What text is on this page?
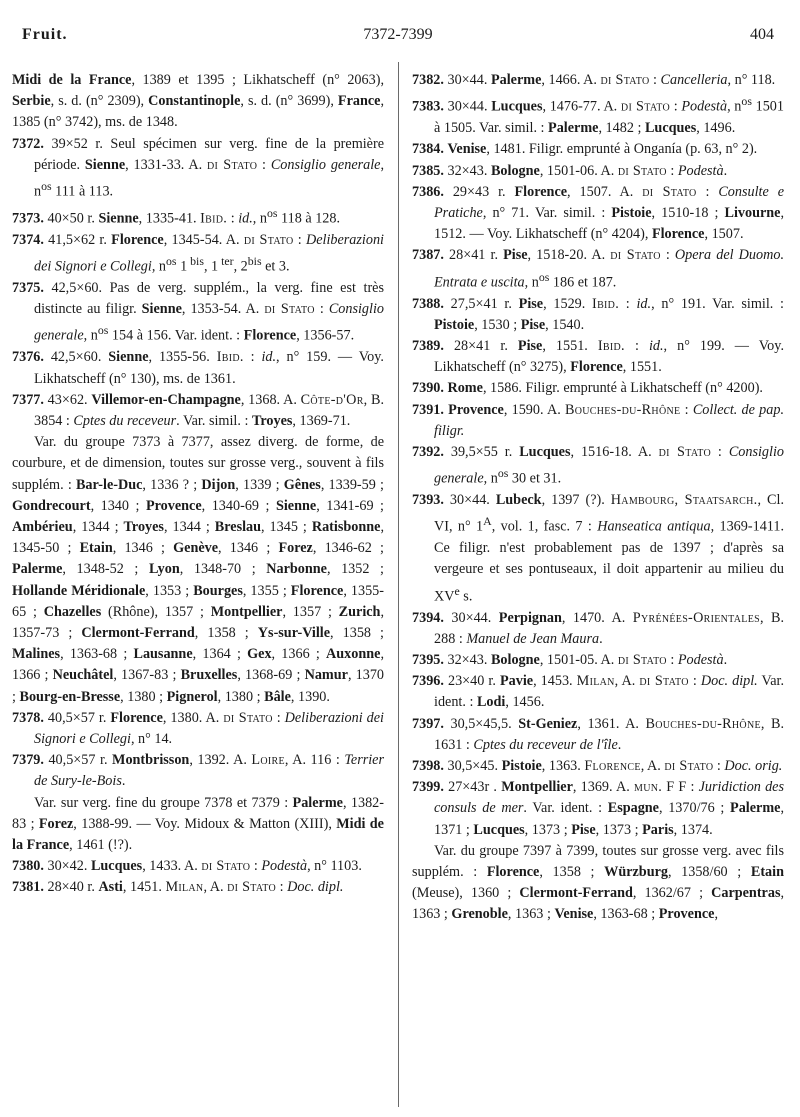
Fruit.	7372-7399	404

Midi de la France, 1389 et 1395 ; Likhatscheff (n° 2063), Serbie, s. d. (n° 2309), Constantinople, s. d. (n° 3699), France, 1385 (n° 3742), ms. de 1348.

7372. 39×52 r. Seul spécimen sur verg. fine de la première période. Sienne, 1331-33. A. di Stato : Consiglio generale, $n^{os}$ 111 à 113.

7373. 40×50 r. Sienne, 1335-41. Ibid. : id., $n^{os}$ 118 à 128.

7374. 41,5×62 r. Florence, 1345-54. A. di Stato : Deliberazioni dei Signori e Collegi, $n^{os}$ 1 $^{bis}$, 1 $^{ter}$, $2^{bis}$ et 3.

7375. 42,5×60. Pas de verg. supplém., la verg. fine est très distincte au filigr. Sienne, 1353-54. A. di Stato : Consiglio generale, $n^{os}$ 154 à 156. Var. ident. : Florence, 1356-57.

7376. 42,5×60. Sienne, 1355-56. Ibid. : id., n° 159. — Voy. Likhatscheff (n° 130), ms. de 1361.

7377. 43×62. Villemor-en-Champagne, 1368. A. Côte-d'Or, B. 3854 : Cptes du receveur. Var. simil. : Troyes, 1369-71.

Var. du groupe 7373 à 7377, assez diverg. de forme, de courbure, et de dimension, toutes sur grosse verg., souvent à fils supplém. : Bar-le-Duc, 1336 ? ; Dijon, 1339 ; Gênes, 1339-59 ; Gondrecourt, 1340 ; Provence, 1340-69 ; Sienne, 1341-69 ; Ambérieu, 1344 ; Troyes, 1344 ; Breslau, 1345 ; Ratisbonne, 1345-50 ; Etain, 1346 ; Genève, 1346 ; Forez, 1346-62 ; Palerme, 1348-52 ; Lyon, 1348-70 ; Narbonne, 1352 ; Hollande Méridionale, 1353 ; Bourges, 1355 ; Florence, 1355-65 ; Chazelles (Rhône), 1357 ; Montpellier, 1357 ; Zurich, 1357-73 ; Clermont-Ferrand, 1358 ; Ys-sur-Ville, 1358 ; Malines, 1363-68 ; Lausanne, 1364 ; Gex, 1366 ; Auxonne, 1366 ; Neuchâtel, 1367-83 ; Bruxelles, 1368-69 ; Namur, 1370 ; Bourg-en-Bresse, 1380 ; Pignerol, 1380 ; Bâle, 1390.

7378. 40,5×57 r. Florence, 1380. A. di Stato : Deliberazioni dei Signori e Collegi, n° 14.

7379. 40,5×57 r. Montbrisson, 1392. A. Loire, A. 116 : Terrier de Sury-le-Bois.

Var. sur verg. fine du groupe 7378 et 7379 : Palerme, 1382-83 ; Forez, 1388-99. — Voy. Midoux & Matton (XIII), Midi de la France, 1461 (!?).

7380. 30×42. Lucques, 1433. A. di Stato : Podestà, n° 1103.

7381. 28×40 r. Asti, 1451. Milan, A. di Stato : Doc. dipl.

7382. 30×44. Palerme, 1466. A. di Stato : Cancelleria, n° 118.

7383. 30×44. Lucques, 1476-77. A. di Stato : Podestà, $n^{os}$ 1501 à 1505. Var. simil. : Palerme, 1482 ; Lucques, 1496.

7384. Venise, 1481. Filigr. emprunté à Onganía (p. 63, n° 2).

7385. 32×43. Bologne, 1501-06. A. di Stato : Podestà.

7386. 29×43 r. Florence, 1507. A. di Stato : Consulte e Pratiche, n° 71. Var. simil. : Pistoie, 1510-18 ; Livourne, 1512. — Voy. Likhatscheff (n° 4204), Florence, 1507.

7387. 28×41 r. Pise, 1518-20. A. di Stato : Opera del Duomo. Entrata e uscita, $n^{os}$ 186 et 187.

7388. 27,5×41 r. Pise, 1529. Ibid. : id., n° 191. Var. simil. : Pistoie, 1530 ; Pise, 1540.

7389. 28×41 r. Pise, 1551. Ibid. : id., n° 199. — Voy. Likhatscheff (n° 3275), Florence, 1551.

7390. Rome, 1586. Filigr. emprunté à Likhatscheff (n° 4200).

7391. Provence, 1590. A. Bouches-du-Rhône : Collect. de pap. filigr.

7392. 39,5×55 r. Lucques, 1516-18. A. di Stato : Consiglio generale, $n^{os}$ 30 et 31.

7393. 30×44. Lubeck, 1397 (?). Hambourg, Staatsarch., Cl. VI, n° $1^A$, vol. 1, fasc. 7 : Hanseatica antiqua, 1369-1411. Ce filigr. n'est probablement pas de 1397 ; d'après sa vergeure et ses pontuseaux, il doit appartenir au milieu du XVe s.

7394. 30×44. Perpignan, 1470. A. Pyrénées-Orientales, B. 288 : Manuel de Jean Maura.

7395. 32×43. Bologne, 1501-05. A. di Stato : Podestà.

7396. 23×40 r. Pavie, 1453. Milan, A. di Stato : Doc. dipl. Var. ident. : Lodi, 1456.

7397. 30,5×45,5. St-Geniez, 1361. A. Bouches-du-Rhône, B. 1631 : Cptes du receveur de l'île.

7398. 30,5×45. Pistoie, 1363. Florence, A. di Stato : Doc. orig.

7399. 27×43r . Montpellier, 1369. A. mun. F F : Juridiction des consuls de mer. Var. ident. : Espagne, 1370/76 ; Palerme, 1371 ; Lucques, 1373 ; Pise, 1373 ; Paris, 1374.

Var. du groupe 7397 à 7399, toutes sur grosse verg. avec fils supplém. : Florence, 1358 ; Würzburg, 1358/60 ; Etain (Meuse), 1360 ; Clermont-Ferrand, 1362/67 ; Carpentras, 1363 ; Grenoble, 1363 ; Venise, 1363-68 ; Provence,
